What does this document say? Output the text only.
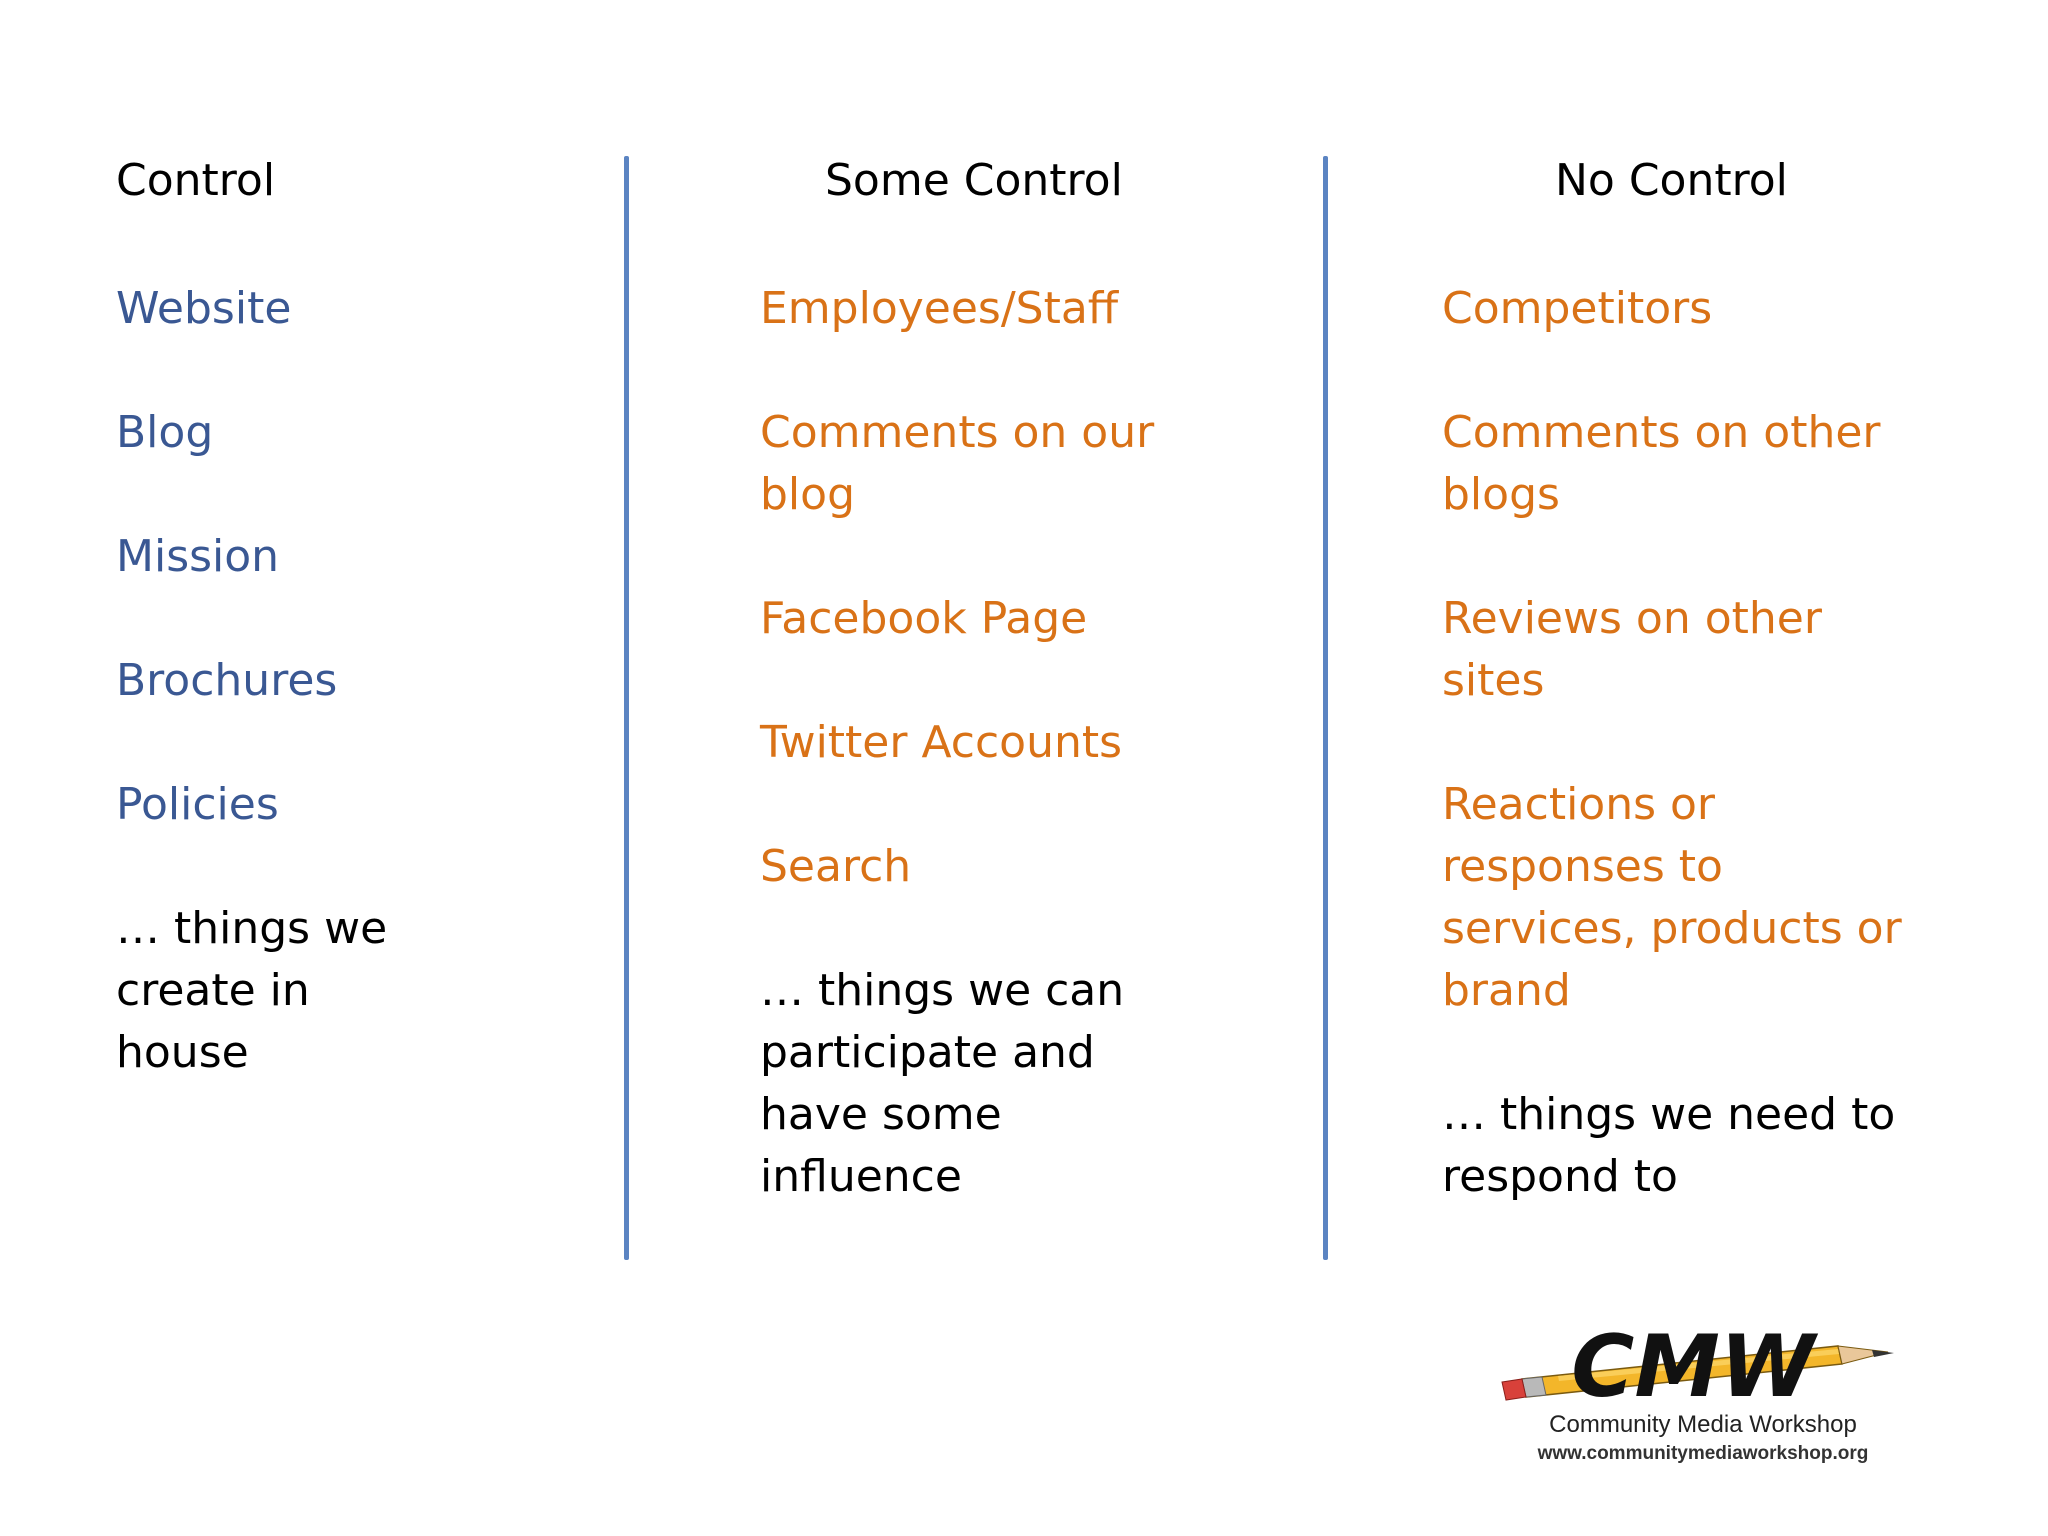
Control
Website
Blog
Mission
Brochures
Policies
… things we create in house
Some Control
Employees/Staff
Comments on our blog
Facebook Page
Twitter Accounts
Search
… things we can participate and have some influence
No Control
Competitors
Comments on other blogs
Reviews on other sites
Reactions or responses to services, products or brand
… things we need to respond to
CMW
Community Media Workshop
www.communitymediaworkshop.org
